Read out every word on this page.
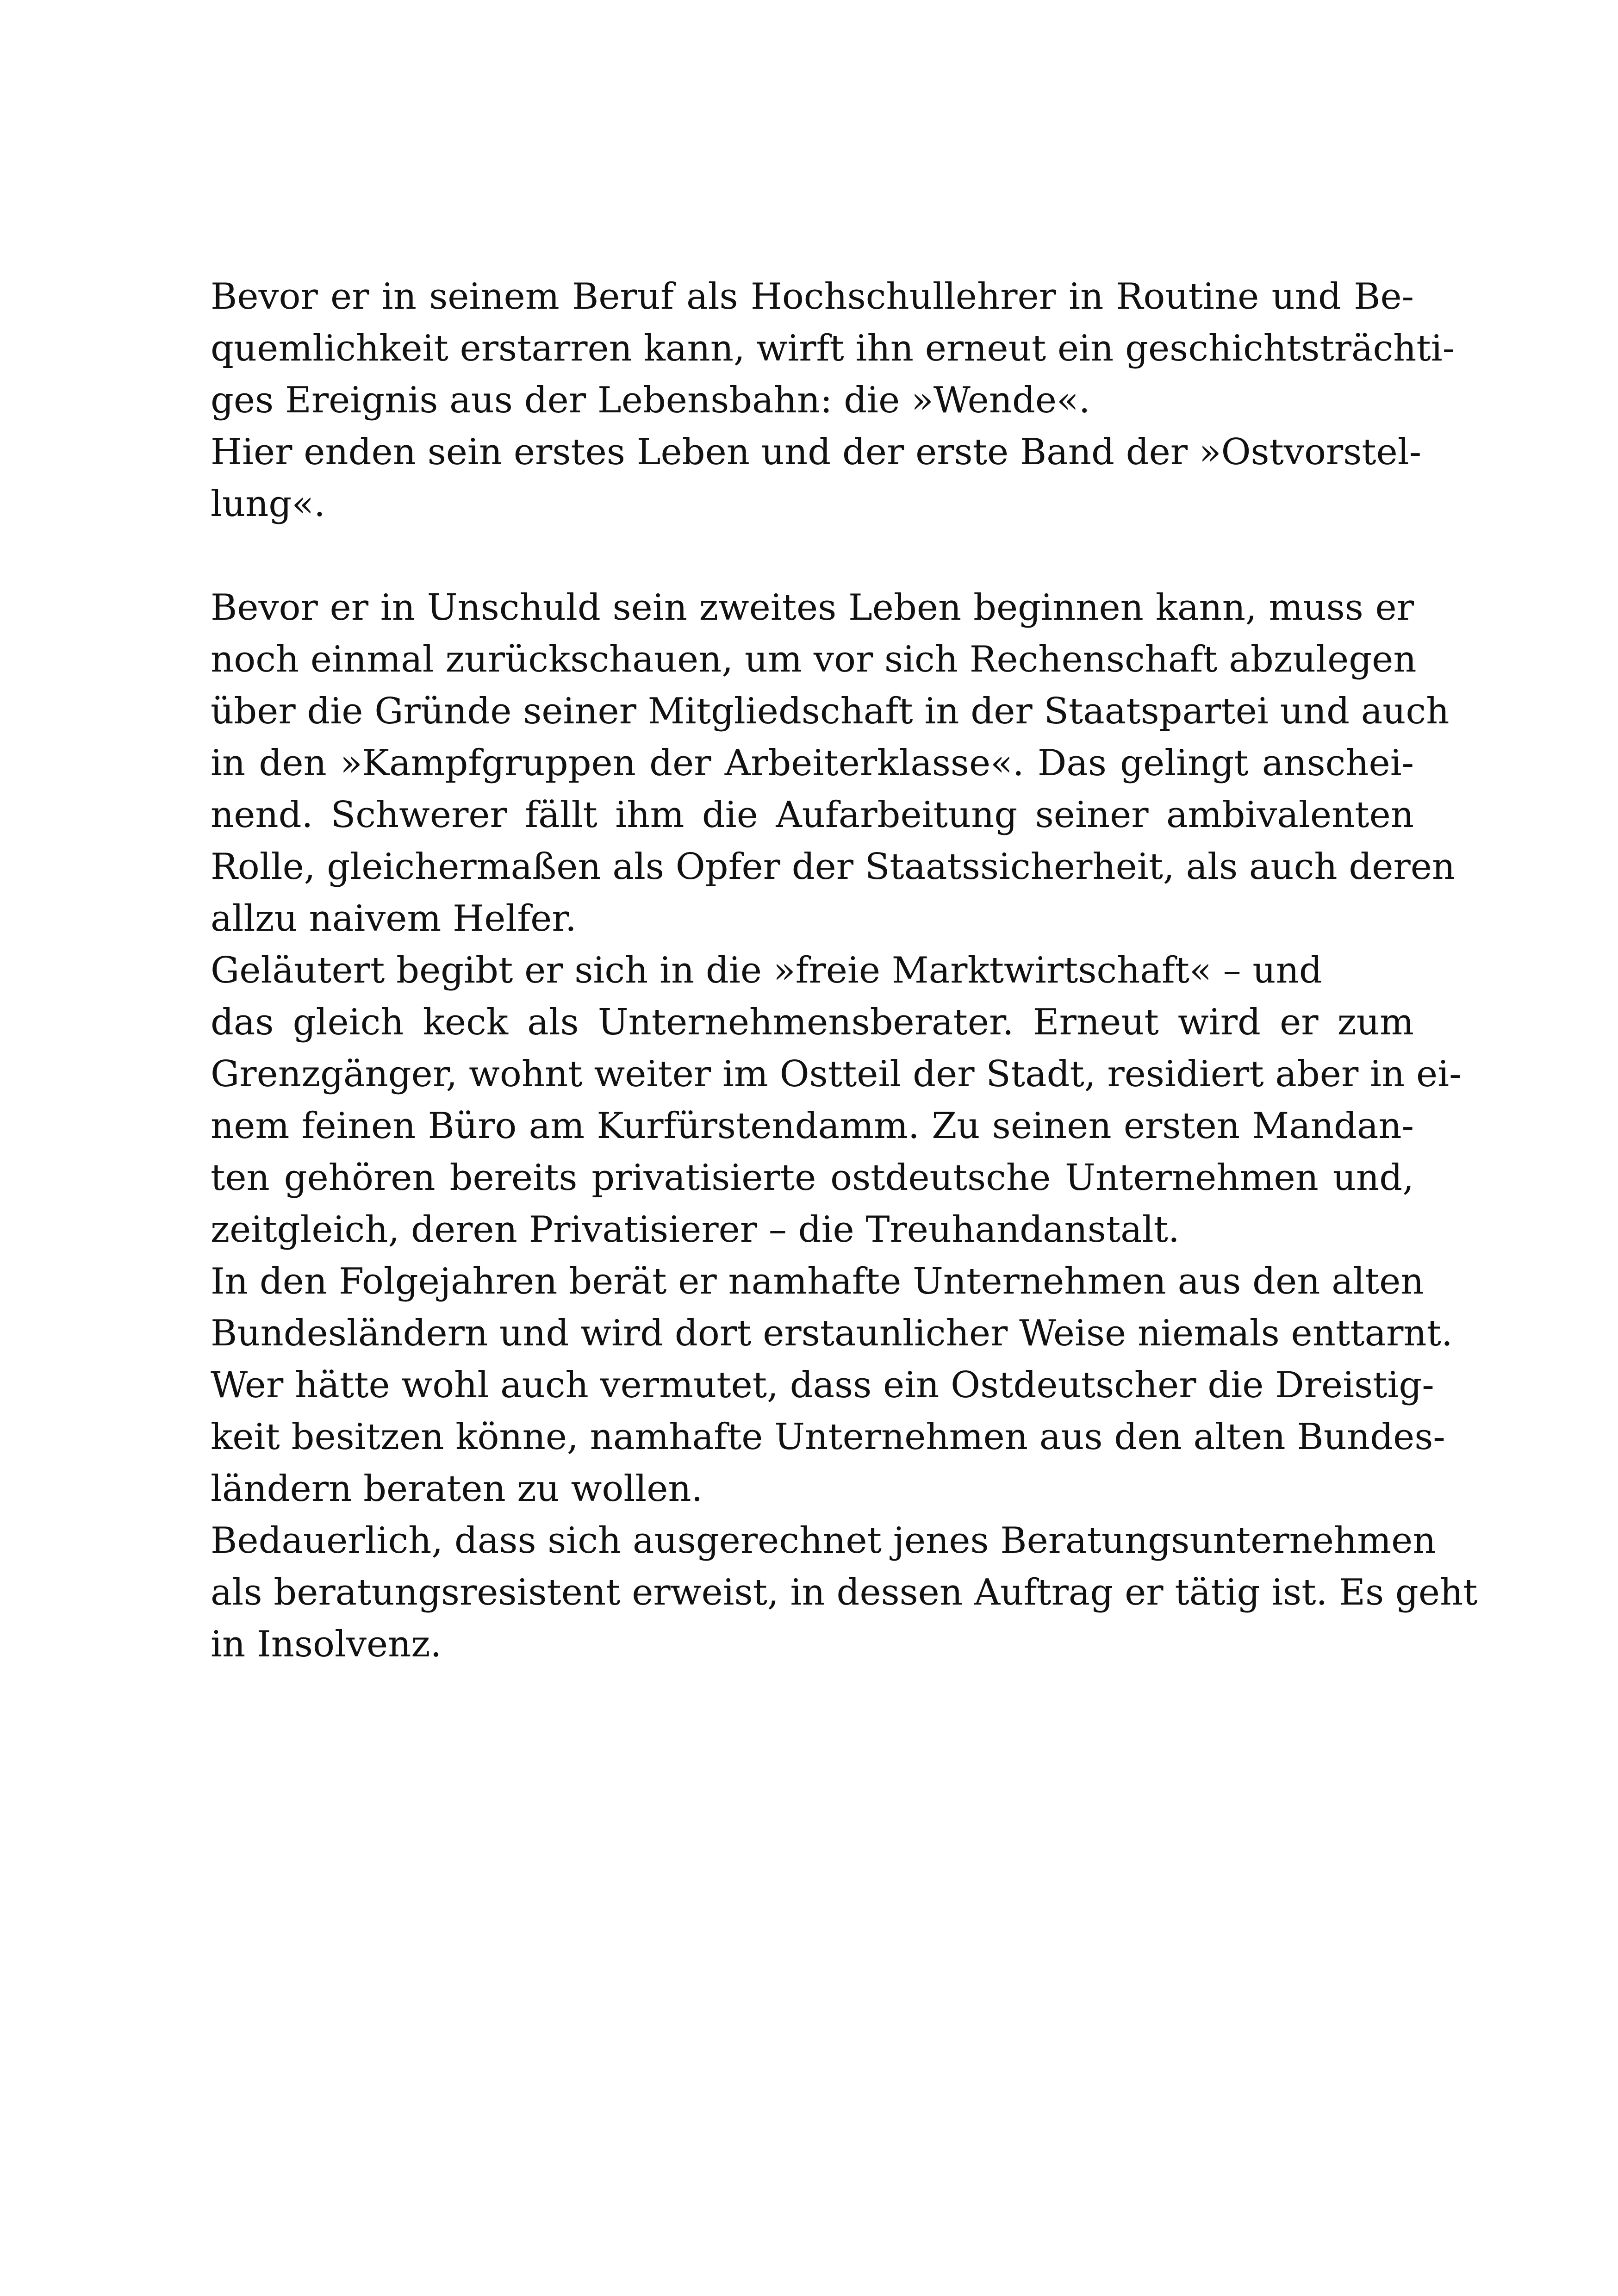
Bevor er in seinem Beruf als Hochschullehrer in Routine und Be-
quemlichkeit erstarren kann, wirft ihn erneut ein geschichtsträchti-
ges Ereignis aus der Lebensbahn: die »Wende«.
Hier enden sein erstes Leben und der erste Band der »Ostvorstel-
lung«.
Bevor er in Unschuld sein zweites Leben beginnen kann, muss er
noch einmal zurückschauen, um vor sich Rechenschaft abzulegen
über die Gründe seiner Mitgliedschaft in der Staatspartei und auch
in den »Kampfgruppen der Arbeiterklasse«. Das gelingt anschei-
nend. Schwerer fällt ihm die Aufarbeitung seiner ambivalenten
Rolle, gleichermaßen als Opfer der Staatssicherheit, als auch deren
allzu naivem Helfer.
Geläutert begibt er sich in die »freie Marktwirtschaft« – und
das gleich keck als Unternehmensberater. Erneut wird er zum
Grenzgänger, wohnt weiter im Ostteil der Stadt, residiert aber in ei-
nem feinen Büro am Kurfürstendamm. Zu seinen ersten Mandan-
ten gehören bereits privatisierte ostdeutsche Unternehmen und,
zeitgleich, deren Privatisierer – die Treuhandanstalt.
In den Folgejahren berät er namhafte Unternehmen aus den alten
Bundesländern und wird dort erstaunlicher Weise niemals enttarnt.
Wer hätte wohl auch vermutet, dass ein Ostdeutscher die Dreistig-
keit besitzen könne, namhafte Unternehmen aus den alten Bundes-
ländern beraten zu wollen.
Bedauerlich, dass sich ausgerechnet jenes Beratungsunternehmen
als beratungsresistent erweist, in dessen Auftrag er tätig ist. Es geht
in Insolvenz.
